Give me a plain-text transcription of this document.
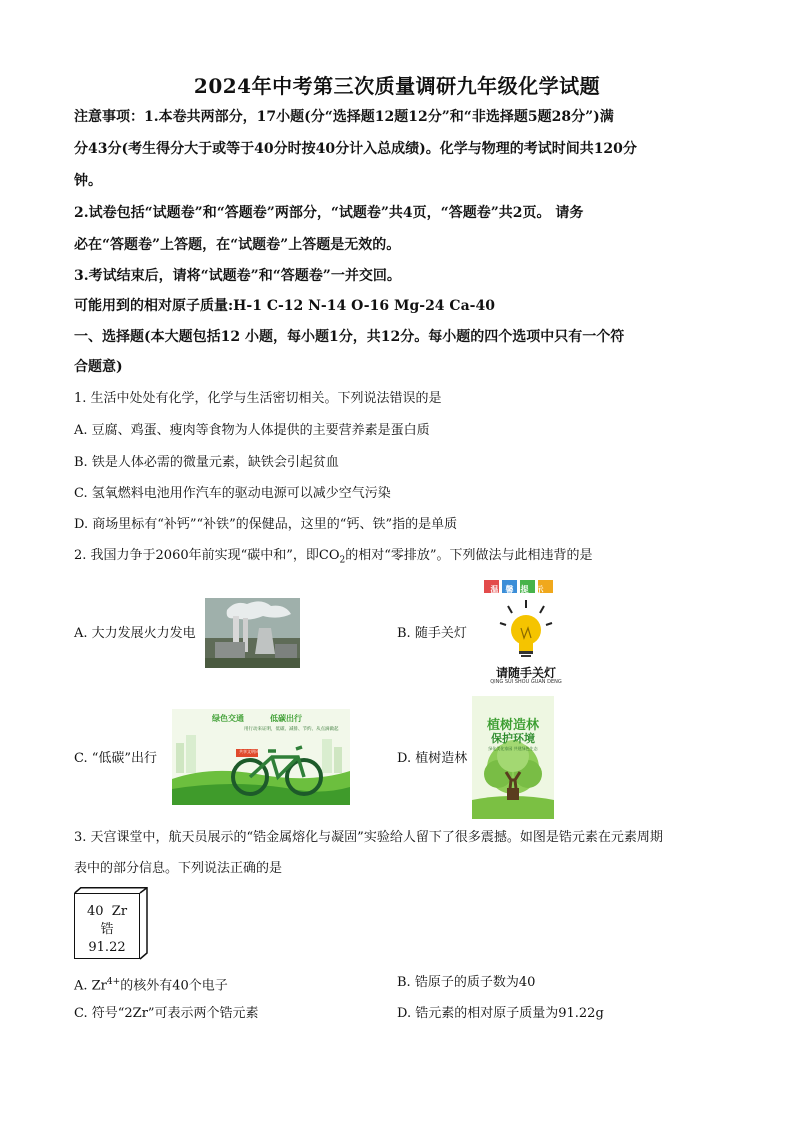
2024年中考第三次质量调研九年级化学试题
注意事项：1.本卷共两部分，17小题(分“选择题12题12分”和“非选择题5题28分”)满
分43分(考生得分大于或等于40分时按40分计入总成绩)。化学与物理的考试时间共120分
钟。
2.试卷包括“试题卷”和“答题卷”两部分，“试题卷”共4页，“答题卷”共2页。 请务
必在“答题卷”上答题，在“试题卷”上答题是无效的。
3.考试结束后，请将“试题卷”和“答题卷”一并交回。
可能用到的相对原子质量:H-1 C-12 N-14 O-16 Mg-24 Ca-40
一、选择题(本大题包括12 小题，每小题1分，共12分。每小题的四个选项中只有一个符
合题意)
1. 生活中处处有化学，化学与生活密切相关。下列说法错误的是
A. 豆腐、鸡蛋、瘦肉等食物为人体提供的主要营养素是蛋白质
B. 铁是人体必需的微量元素，缺铁会引起贫血
C. 氢氧燃料电池用作汽车的驱动电源可以减少空气污染
D. 商场里标有“补钙”“补铁”的保健品，这里的“钙、铁”指的是单质
2. 我国力争于2060年前实现“碳中和”，即$CO_2$的相对“零排放”。下列做法与此相违背的是
A. 大力发展火力发电	B. 随手关灯
温馨提示
请随手关灯
QING SUI SHOU GUAN DENG
C. “低碳”出行
绿色交通	低碳出行
用行动来证明，低碳、减排、节约、从点滴做起
共享文明风	D. 植树造林
植树造林
保护环境
绿化美化家园 共建绿色生态
3. 天宫课堂中，航天员展示的“锆金属熔化与凝固”实验给人留下了很多震撼。如图是锆元素在元素周期
表中的部分信息。下列说法正确的是
40 Zr
锆
91.22
A. $Zr^{4+}$的核外有40个电子	B. 锆原子的质子数为40
C. 符号“2Zr”可表示两个锆元素	D. 锆元素的相对原子质量为91.22g
